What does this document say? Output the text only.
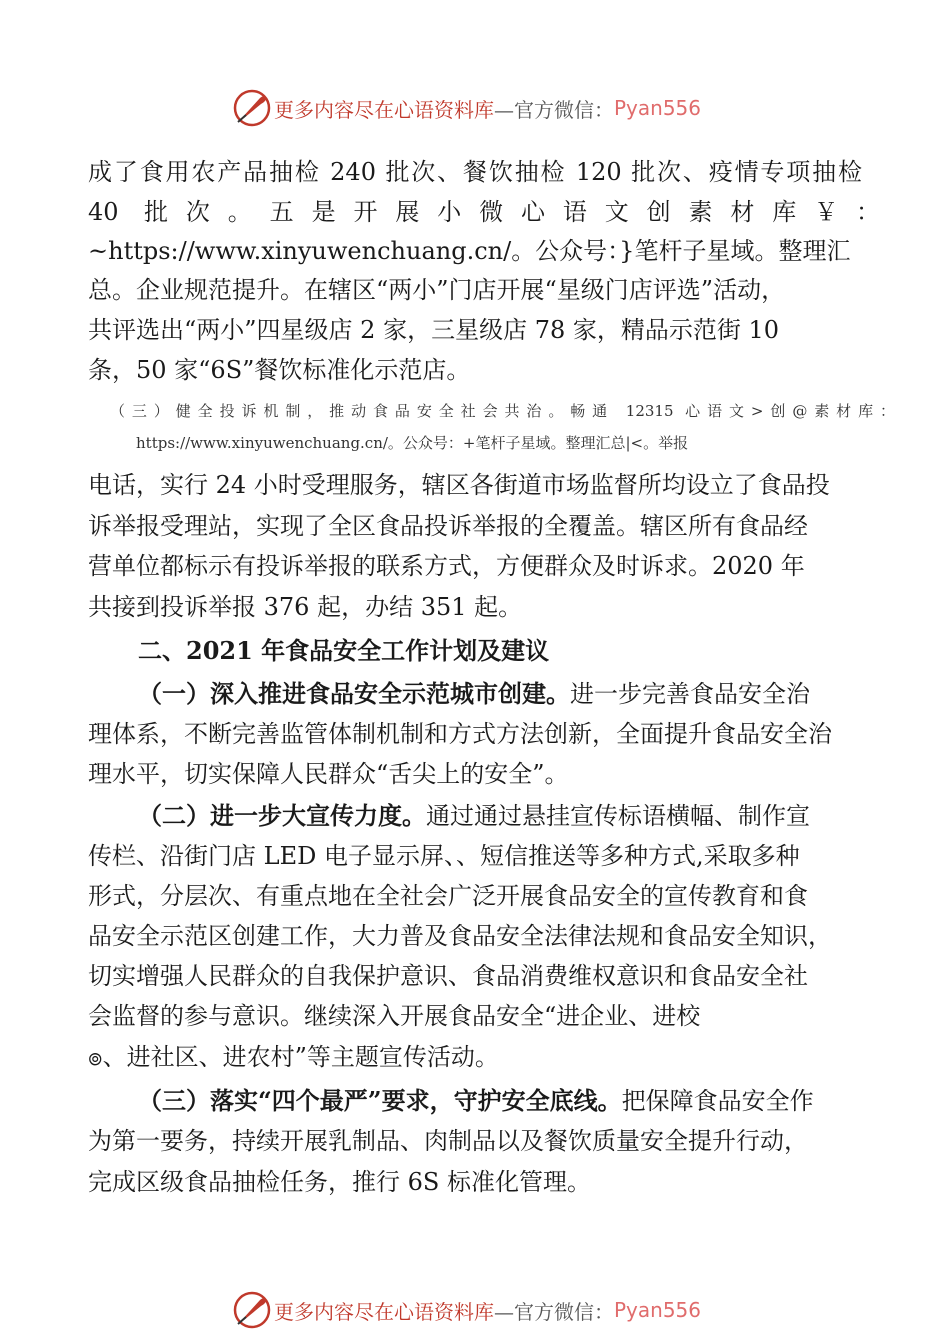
更多内容尽在心语资料库 —官方微信： Pyan556

成了食用农产品抽检 240 批次、餐饮抽检 120 批次、疫情专项抽检

40 批次。五是开展小微心语文创素材库￥：

~https://www.xinyuwenchuang.cn/。公众号：}笔杆子星域。整理汇

总。企业规范提升。在辖区“两小”门店开展“星级门店评选”活动，

共评选出“两小”四星级店 2 家，三星级店 78 家，精品示范街 10

条，50 家“6S”餐饮标准化示范店。

（三）健全投诉机制，推动食品安全社会共治。畅通 12315 心语文>创@素材库：

https://www.xinyuwenchuang.cn/。公众号：+笔杆子星域。整理汇总|<。举报

电话，实行 24 小时受理服务，辖区各街道市场监督所均设立了食品投

诉举报受理站，实现了全区食品投诉举报的全覆盖。辖区所有食品经

营单位都标示有投诉举报的联系方式，方便群众及时诉求。2020 年

共接到投诉举报 376 起，办结 351 起。

二、2021 年食品安全工作计划及建议

（一）深入推进食品安全示范城市创建。进一步完善食品安全治

理体系，不断完善监管体制机制和方式方法创新，全面提升食品安全治

理水平，切实保障人民群众“舌尖上的安全”。

（二）进一步大宣传力度。通过通过悬挂宣传标语横幅、制作宣

传栏、沿街门店 LED 电子显示屏、、短信推送等多种方式,采取多种

形式，分层次、有重点地在全社会广泛开展食品安全的宣传教育和食

品安全示范区创建工作，大力普及食品安全法律法规和食品安全知识，

切实增强人民群众的自我保护意识、食品消费维权意识和食品安全社

会监督的参与意识。继续深入开展食品安全“进企业、进校

๏、进社区、进农村”等主题宣传活动。

（三）落实“四个最严”要求，守护安全底线。把保障食品安全作

为第一要务，持续开展乳制品、肉制品以及餐饮质量安全提升行动，

完成区级食品抽检任务，推行 6S 标准化管理。

更多内容尽在心语资料库 —官方微信： Pyan556
